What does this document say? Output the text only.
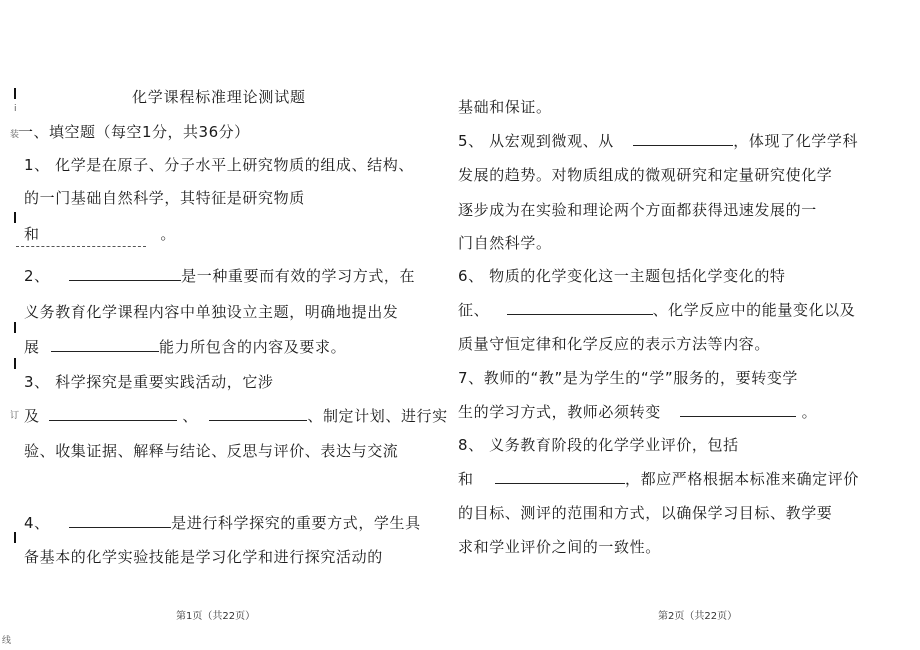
i
装
订
线
化学课程标准理论测试题
一、填空题（每空1分，共36分）
1、 化学是在原子、分子水平上研究物质的组成、结构、
的一门基础自然科学，其特征是研究物质
和	。
2、	是一种重要而有效的学习方式，在
义务教育化学课程内容中单独设立主题，明确地提出发
展	能力所包含的内容及要求。
3、 科学探究是重要实践活动，它涉
及	、	、制定计划、进行实
验、收集证据、解释与结论、反思与评价、表达与交流
4、	是进行科学探究的重要方式，学生具
备基本的化学实验技能是学习化学和进行探究活动的
基础和保证。
5、 从宏观到微观、从	，体现了化学学科
发展的趋势。对物质组成的微观研究和定量研究使化学
逐步成为在实验和理论两个方面都获得迅速发展的一
门自然科学。
6、 物质的化学变化这一主题包括化学变化的特
征、	、化学反应中的能量变化以及
质量守恒定律和化学反应的表示方法等内容。
7、教师的“教”是为学生的“学”服务的，要转变学
生的学习方式，教师必须转变	。
8、 义务教育阶段的化学学业评价，包括
和	，都应严格根据本标准来确定评价
的目标、测评的范围和方式，以确保学习目标、教学要
求和学业评价之间的一致性。
第1页（共22页）	第2页（共22页）
